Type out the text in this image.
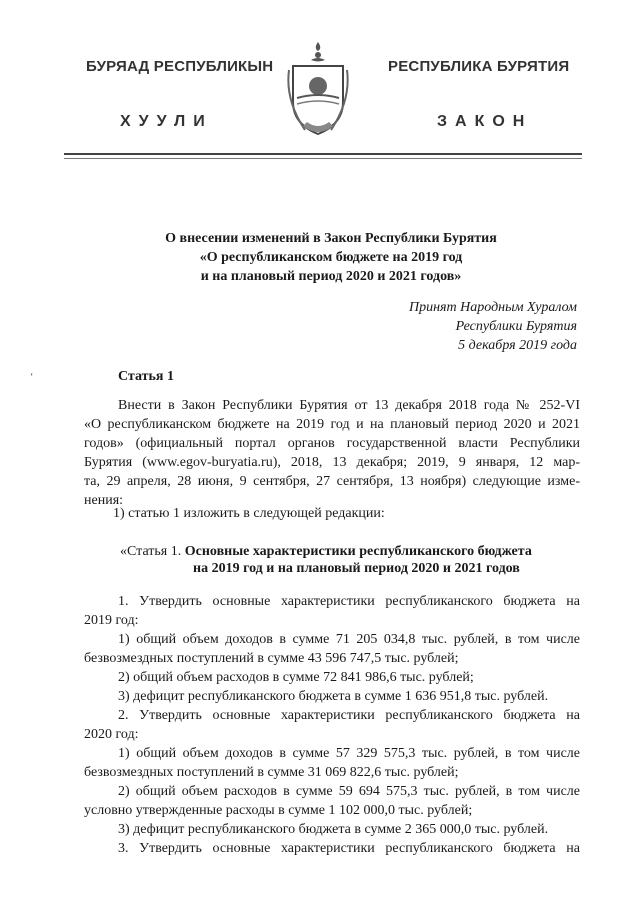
БУРЯАД РЕСПУБЛИКЫН
ХУУЛИ
РЕСПУБЛИКА БУРЯТИЯ
ЗАКОН
О внесении изменений в Закон Республики Бурятия
«О республиканском бюджете на 2019 год
и на плановый период 2020 и 2021 годов»
Принят Народным Хуралом
Республики Бурятия
5 декабря 2019 года
‘	Статья 1
Внести в Закон Республики Бурятия от 13 декабря 2018 года № 252-VI
«О республиканском бюджете на 2019 год и на плановый период 2020 и 2021
годов» (официальный портал органов государственной власти Республики
Бурятия (www.egov-buryatia.ru), 2018, 13 декабря; 2019, 9 января, 12 мар-
та, 29 апреля, 28 июня, 9 сентября, 27 сентября, 13 ноября) следующие изме-
нения:
1) статью 1 изложить в следующей редакции:
«Статья 1. Основные характеристики республиканского бюджета
на 2019 год и на плановый период 2020 и 2021 годов
1. Утвердить основные характеристики республиканского бюджета на
2019 год:
1) общий объем доходов в сумме 71 205 034,8 тыс. рублей, в том числе
безвозмездных поступлений в сумме 43 596 747,5 тыс. рублей;
2) общий объем расходов в сумме 72 841 986,6 тыс. рублей;
3) дефицит республиканского бюджета в сумме 1 636 951,8 тыс. рублей.
2. Утвердить основные характеристики республиканского бюджета на
2020 год:
1) общий объем доходов в сумме 57 329 575,3 тыс. рублей, в том числе
безвозмездных поступлений в сумме 31 069 822,6 тыс. рублей;
2) общий объем расходов в сумме 59 694 575,3 тыс. рублей, в том числе
условно утвержденные расходы в сумме 1 102 000,0 тыс. рублей;
3) дефицит республиканского бюджета в сумме 2 365 000,0 тыс. рублей.
3. Утвердить основные характеристики республиканского бюджета на
